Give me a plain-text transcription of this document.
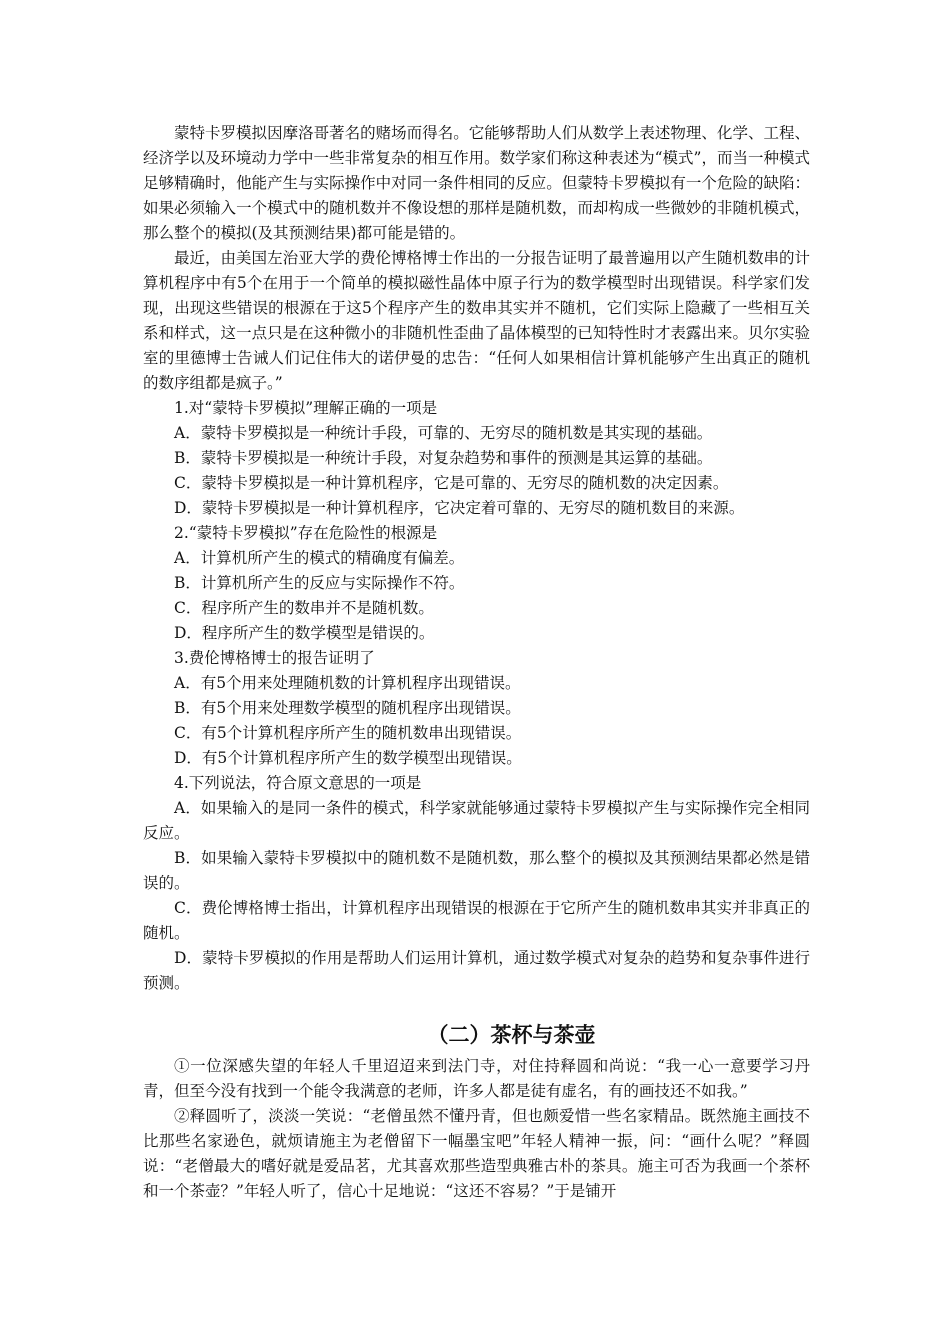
蒙特卡罗模拟因摩洛哥著名的赌场而得名。它能够帮助人们从数学上表述物理、化学、工程、经济学以及环境动力学中一些非常复杂的相互作用。数学家们称这种表述为“模式”，而当一种模式足够精确时，他能产生与实际操作中对同一条件相同的反应。但蒙特卡罗模拟有一个危险的缺陷：如果必须输入一个模式中的随机数并不像设想的那样是随机数，而却构成一些微妙的非随机模式，那么整个的模拟(及其预测结果)都可能是错的。

最近，由美国左治亚大学的费伦博格博士作出的一分报告证明了最普遍用以产生随机数串的计算机程序中有5个在用于一个简单的模拟磁性晶体中原子行为的数学模型时出现错误。科学家们发现，出现这些错误的根源在于这5个程序产生的数串其实并不随机，它们实际上隐藏了一些相互关系和样式，这一点只是在这种微小的非随机性歪曲了晶体模型的已知特性时才表露出来。贝尔实验室的里德博士告诫人们记住伟大的诺伊曼的忠告：“任何人如果相信计算机能够产生出真正的随机的数序组都是疯子。”

1.对“蒙特卡罗模拟”理解正确的一项是

A．蒙特卡罗模拟是一种统计手段，可靠的、无穷尽的随机数是其实现的基础。

B．蒙特卡罗模拟是一种统计手段，对复杂趋势和事件的预测是其运算的基础。

C．蒙特卡罗模拟是一种计算机程序，它是可靠的、无穷尽的随机数的决定因素。

D．蒙特卡罗模拟是一种计算机程序，它决定着可靠的、无穷尽的随机数目的来源。

2.“蒙特卡罗模拟”存在危险性的根源是

A．计算机所产生的模式的精确度有偏差。

B．计算机所产生的反应与实际操作不符。

C．程序所产生的数串并不是随机数。

D．程序所产生的数学模型是错误的。

3.费伦博格博士的报告证明了

A．有5个用来处理随机数的计算机程序出现错误。

B．有5个用来处理数学模型的随机程序出现错误。

C．有5个计算机程序所产生的随机数串出现错误。

D．有5个计算机程序所产生的数学模型出现错误。

4.下列说法，符合原文意思的一项是

A．如果输入的是同一条件的模式，科学家就能够通过蒙特卡罗模拟产生与实际操作完全相同反应。

B．如果输入蒙特卡罗模拟中的随机数不是随机数，那么整个的模拟及其预测结果都必然是错误的。

C．费伦博格博士指出，计算机程序出现错误的根源在于它所产生的随机数串其实并非真正的随机。

D．蒙特卡罗模拟的作用是帮助人们运用计算机，通过数学模式对复杂的趋势和复杂事件进行预测。

（二）茶杯与茶壶

①一位深感失望的年轻人千里迢迢来到法门寺，对住持释圆和尚说：“我一心一意要学习丹青，但至今没有找到一个能令我满意的老师，许多人都是徒有虚名，有的画技还不如我。”

②释圆听了，淡淡一笑说：“老僧虽然不懂丹青，但也颇爱惜一些名家精品。既然施主画技不比那些名家逊色，就烦请施主为老僧留下一幅墨宝吧”年轻人精神一振，问：“画什么呢？”释圆说：“老僧最大的嗜好就是爱品茗，尤其喜欢那些造型典雅古朴的茶具。施主可否为我画一个茶杯和一个茶壶？”年轻人听了，信心十足地说：“这还不容易？”于是铺开
